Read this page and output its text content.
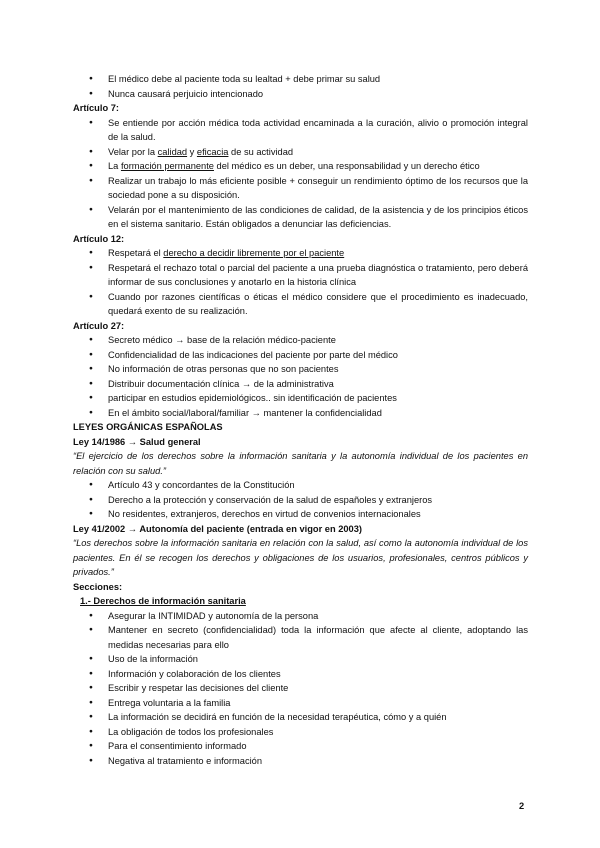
● El médico debe al paciente toda su lealtad + debe primar su salud
● Nunca causará perjuicio intencionado
Artículo 7:
● Se entiende por acción médica toda actividad encaminada a la curación, alivio o promoción integral de la salud.
● Velar por la calidad y eficacia de su actividad
● La formación permanente del médico es un deber, una responsabilidad y un derecho ético
● Realizar un trabajo lo más eficiente posible + conseguir un rendimiento óptimo de los recursos que la sociedad pone a su disposición.
● Velarán por el mantenimiento de las condiciones de calidad, de la asistencia y de los principios éticos en el sistema sanitario. Están obligados a denunciar las deficiencias.
Artículo 12:
● Respetará el derecho a decidir libremente por el paciente
● Respetará el rechazo total o parcial del paciente a una prueba diagnóstica o tratamiento, pero deberá informar de sus conclusiones y anotarlo en la historia clínica
● Cuando por razones científicas o éticas el médico considere que el procedimiento es inadecuado, quedará exento de su realización.
Artículo 27:
● Secreto médico → base de la relación médico-paciente
● Confidencialidad de las indicaciones del paciente por parte del médico
● No información de otras personas que no son pacientes
● Distribuir documentación clínica → de la administrativa
● participar en estudios epidemiológicos.. sin identificación de pacientes
● En el ámbito social/laboral/familiar → mantener la confidencialidad
LEYES ORGÁNICAS ESPAÑOLAS
Ley 14/1986 → Salud general
“El ejercicio de los derechos sobre la información sanitaria y la autonomía individual de los pacientes en relación con su salud.”
● Artículo 43 y concordantes de la Constitución
● Derecho a la protección y conservación de la salud de españoles y extranjeros
● No residentes, extranjeros, derechos en virtud de convenios internacionales
Ley 41/2002 → Autonomía del paciente (entrada en vigor en 2003)
“Los derechos sobre la información sanitaria en relación con la salud, así como la autonomía individual de los pacientes. En él se recogen los derechos y obligaciones de los usuarios, profesionales, centros públicos y privados.”
Secciones:
1.- Derechos de información sanitaria
● Asegurar la INTIMIDAD y autonomía de la persona
● Mantener en secreto (confidencialidad) toda la información que afecte al cliente, adoptando las medidas necesarias para ello
● Uso de la información
● Información y colaboración de los clientes
● Escribir y respetar las decisiones del cliente
● Entrega voluntaria a la familia
● La información se decidirá en función de la necesidad terapéutica, cómo y a quién
● La obligación de todos los profesionales
● Para el consentimiento informado
● Negativa al tratamiento e información
2
